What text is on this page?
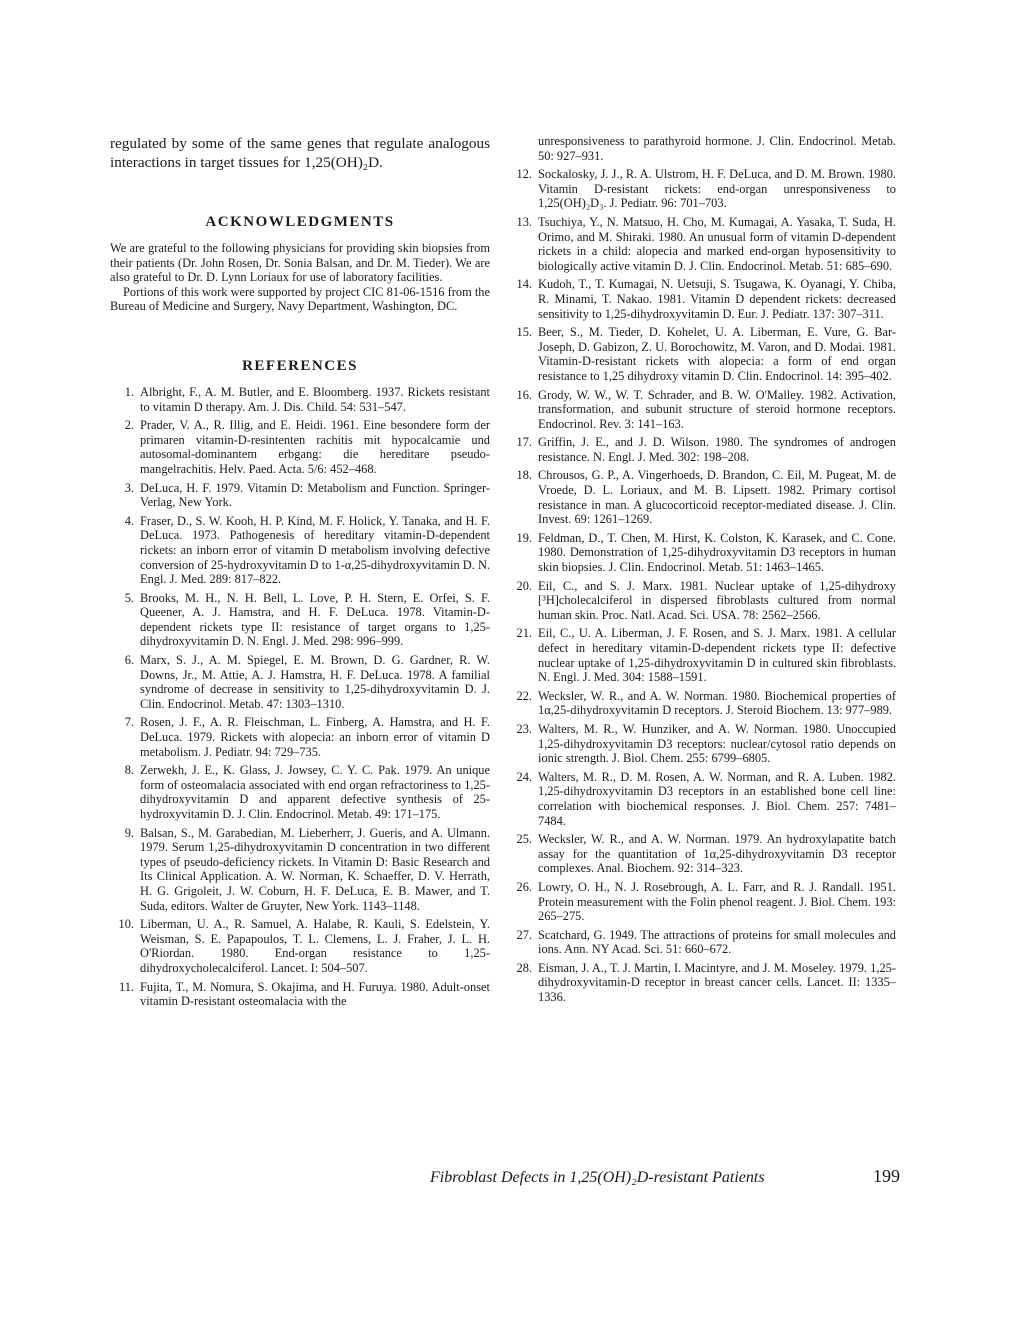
regulated by some of the same genes that regulate analogous interactions in target tissues for 1,25(OH)₂D.

ACKNOWLEDGMENTS

We are grateful to the following physicians for providing skin biopsies from their patients (Dr. John Rosen, Dr. Sonia Balsan, and Dr. M. Tieder). We are also grateful to Dr. D. Lynn Loriaux for use of laboratory facilities.

Portions of this work were supported by project CIC 81-06-1516 from the Bureau of Medicine and Surgery, Navy Department, Washington, DC.

REFERENCES
1. Albright, F., A. M. Butler, and E. Bloomberg. 1937. Rickets resistant to vitamin D therapy. Am. J. Dis. Child. 54: 531–547.
2. Prader, V. A., R. Illig, and E. Heidi. 1961. Eine besondere form der primaren vitamin-D-resintenten rachitis mit hypocalcamie und autosomal-dominantem erbgang: die hereditare pseudo-mangelrachitis. Helv. Paed. Acta. 5/6: 452–468.
3. DeLuca, H. F. 1979. Vitamin D: Metabolism and Function. Springer-Verlag, New York.
4. Fraser, D., S. W. Kooh, H. P. Kind, M. F. Holick, Y. Tanaka, and H. F. DeLuca. 1973. Pathogenesis of hereditary vitamin-D-dependent rickets: an inborn error of vitamin D metabolism involving defective conversion of 25-hydroxyvitamin D to 1-α,25-dihydroxyvitamin D. N. Engl. J. Med. 289: 817–822.
5. Brooks, M. H., N. H. Bell, L. Love, P. H. Stern, E. Orfei, S. F. Queener, A. J. Hamstra, and H. F. DeLuca. 1978. Vitamin-D-dependent rickets type II: resistance of target organs to 1,25-dihydroxyvitamin D. N. Engl. J. Med. 298: 996–999.
6. Marx, S. J., A. M. Spiegel, E. M. Brown, D. G. Gardner, R. W. Downs, Jr., M. Attie, A. J. Hamstra, H. F. DeLuca. 1978. A familial syndrome of decrease in sensitivity to 1,25-dihydroxyvitamin D. J. Clin. Endocrinol. Metab. 47: 1303–1310.
7. Rosen, J. F., A. R. Fleischman, L. Finberg, A. Hamstra, and H. F. DeLuca. 1979. Rickets with alopecia: an inborn error of vitamin D metabolism. J. Pediatr. 94: 729–735.
8. Zerwekh, J. E., K. Glass, J. Jowsey, C. Y. C. Pak. 1979. An unique form of osteomalacia associated with end organ refractoriness to 1,25-dihydroxyvitamin D and apparent defective synthesis of 25-hydroxyvitamin D. J. Clin. Endocrinol. Metab. 49: 171–175.
9. Balsan, S., M. Garabedian, M. Lieberherr, J. Gueris, and A. Ulmann. 1979. Serum 1,25-dihydroxyvitamin D concentration in two different types of pseudo-deficiency rickets. In Vitamin D: Basic Research and Its Clinical Application. A. W. Norman, K. Schaeffer, D. V. Herrath, H. G. Grigoleit, J. W. Coburn, H. F. DeLuca, E. B. Mawer, and T. Suda, editors. Walter de Gruyter, New York. 1143–1148.
10. Liberman, U. A., R. Samuel, A. Halabe, R. Kauli, S. Edelstein, Y. Weisman, S. E. Papapoulos, T. L. Clemens, L. J. Fraher, J. L. H. O'Riordan. 1980. End-organ resistance to 1,25-dihydroxycholecalciferol. Lancet. I: 504–507.
11. Fujita, T., M. Nomura, S. Okajima, and H. Furuya. 1980. Adult-onset vitamin D-resistant osteomalacia with the
unresponsiveness to parathyroid hormone. J. Clin. Endocrinol. Metab. 50: 927–931.
12. Sockalosky, J. J., R. A. Ulstrom, H. F. DeLuca, and D. M. Brown. 1980. Vitamin D-resistant rickets: end-organ unresponsiveness to 1,25(OH)₂D₃. J. Pediatr. 96: 701–703.
13. Tsuchiya, Y., N. Matsuo, H. Cho, M. Kumagai, A. Yasaka, T. Suda, H. Orimo, and M. Shiraki. 1980. An unusual form of vitamin D-dependent rickets in a child: alopecia and marked end-organ hyposensitivity to biologically active vitamin D. J. Clin. Endocrinol. Metab. 51: 685–690.
14. Kudoh, T., T. Kumagai, N. Uetsuji, S. Tsugawa, K. Oyanagi, Y. Chiba, R. Minami, T. Nakao. 1981. Vitamin D dependent rickets: decreased sensitivity to 1,25-dihydroxyvitamin D. Eur. J. Pediatr. 137: 307–311.
15. Beer, S., M. Tieder, D. Kohelet, U. A. Liberman, E. Vure, G. Bar-Joseph, D. Gabizon, Z. U. Borochowitz, M. Varon, and D. Modai. 1981. Vitamin-D-resistant rickets with alopecia: a form of end organ resistance to 1,25 dihydroxy vitamin D. Clin. Endocrinol. 14: 395–402.
16. Grody, W. W., W. T. Schrader, and B. W. O'Malley. 1982. Activation, transformation, and subunit structure of steroid hormone receptors. Endocrinol. Rev. 3: 141–163.
17. Griffin, J. E., and J. D. Wilson. 1980. The syndromes of androgen resistance. N. Engl. J. Med. 302: 198–208.
18. Chrousos, G. P., A. Vingerhoeds, D. Brandon, C. Eil, M. Pugeat, M. de Vroede, D. L. Loriaux, and M. B. Lipsett. 1982. Primary cortisol resistance in man. A glucocorticoid receptor-mediated disease. J. Clin. Invest. 69: 1261–1269.
19. Feldman, D., T. Chen, M. Hirst, K. Colston, K. Karasek, and C. Cone. 1980. Demonstration of 1,25-dihydroxyvitamin D3 receptors in human skin biopsies. J. Clin. Endocrinol. Metab. 51: 1463–1465.
20. Eil, C., and S. J. Marx. 1981. Nuclear uptake of 1,25-dihydroxy [³H]cholecalciferol in dispersed fibroblasts cultured from normal human skin. Proc. Natl. Acad. Sci. USA. 78: 2562–2566.
21. Eil, C., U. A. Liberman, J. F. Rosen, and S. J. Marx. 1981. A cellular defect in hereditary vitamin-D-dependent rickets type II: defective nuclear uptake of 1,25-dihydroxyvitamin D in cultured skin fibroblasts. N. Engl. J. Med. 304: 1588–1591.
22. Wecksler, W. R., and A. W. Norman. 1980. Biochemical properties of 1α,25-dihydroxyvitamin D receptors. J. Steroid Biochem. 13: 977–989.
23. Walters, M. R., W. Hunziker, and A. W. Norman. 1980. Unoccupied 1,25-dihydroxyvitamin D3 receptors: nuclear/cytosol ratio depends on ionic strength. J. Biol. Chem. 255: 6799–6805.
24. Walters, M. R., D. M. Rosen, A. W. Norman, and R. A. Luben. 1982. 1,25-dihydroxyvitamin D3 receptors in an established bone cell line: correlation with biochemical responses. J. Biol. Chem. 257: 7481–7484.
25. Wecksler, W. R., and A. W. Norman. 1979. An hydroxylapatite batch assay for the quantitation of 1α,25-dihydroxyvitamin D3 receptor complexes. Anal. Biochem. 92: 314–323.
26. Lowry, O. H., N. J. Rosebrough, A. L. Farr, and R. J. Randall. 1951. Protein measurement with the Folin phenol reagent. J. Biol. Chem. 193: 265–275.
27. Scatchard, G. 1949. The attractions of proteins for small molecules and ions. Ann. NY Acad. Sci. 51: 660–672.
28. Eisman, J. A., T. J. Martin, I. Macintyre, and J. M. Moseley. 1979. 1,25-dihydroxyvitamin-D receptor in breast cancer cells. Lancet. II: 1335–1336.
Fibroblast Defects in 1,25(OH)₂D-resistant Patients	199
